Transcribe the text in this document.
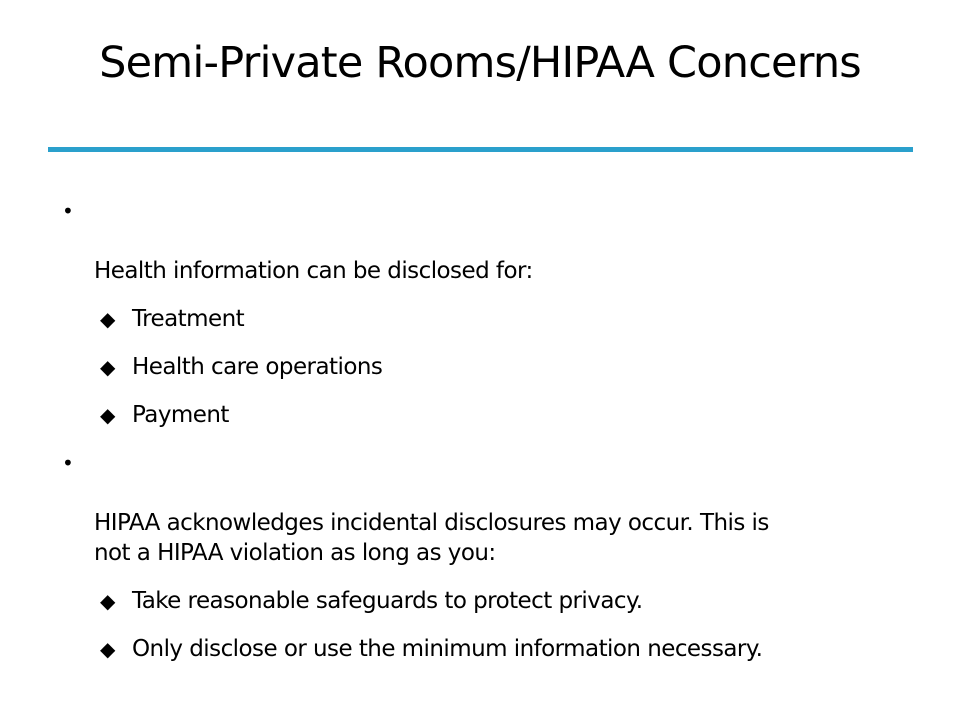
Semi-Private Rooms/HIPAA Concerns

•

Health information can be disclosed for:

◆ Treatment
◆ Health care operations
◆ Payment

•

HIPAA acknowledges incidental disclosures may occur. This is
not a HIPAA violation as long as you:

◆ Take reasonable safeguards to protect privacy.
◆ Only disclose or use the minimum information necessary.
